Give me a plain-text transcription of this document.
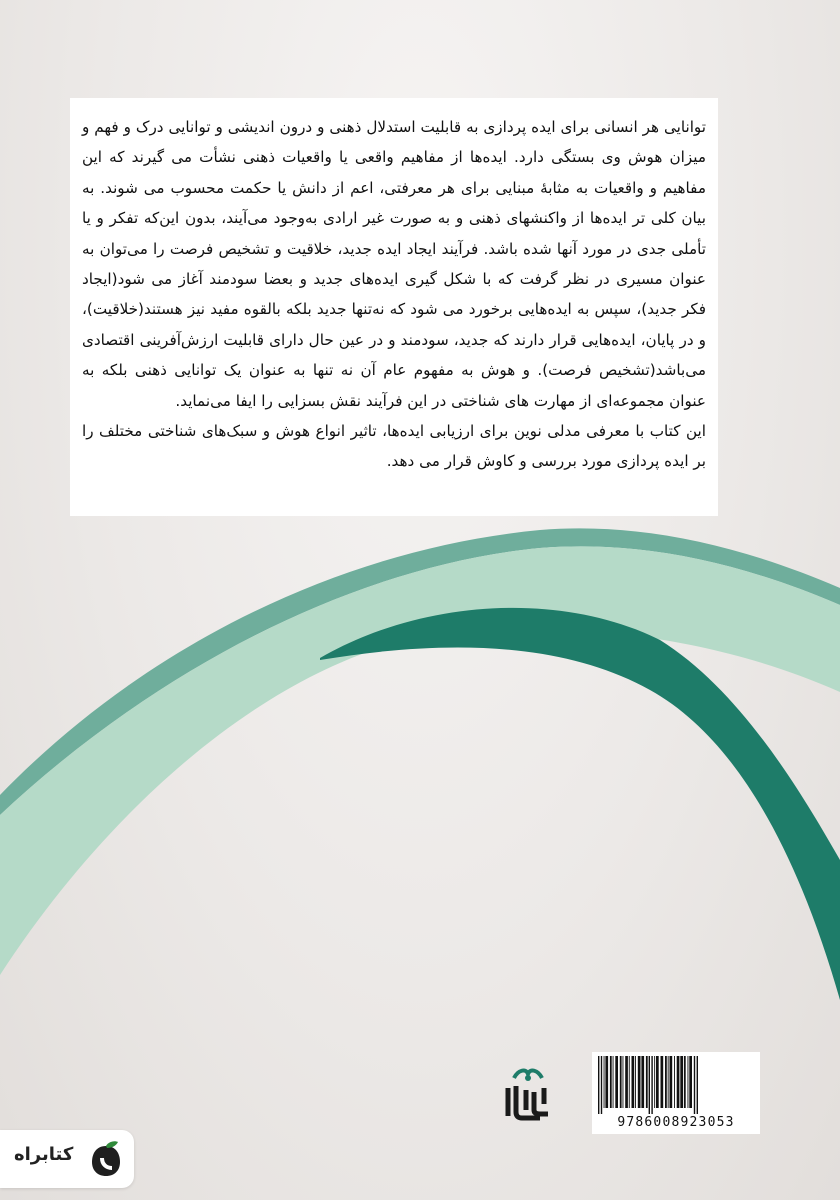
توانایی هر انسانی برای ایده پردازی به قابلیت استدلال ذهنی و درون اندیشی و توانایی درک و فهم و میزان هوش وی بستگی دارد. ایده‌ها از مفاهیم واقعی یا واقعیات ذهنی نشأت می گیرند که این مفاهیم و واقعیات به مثابهٔ مبنایی برای هر معرفتی، اعم از دانش یا حکمت محسوب می شوند. به بیان کلی تر ایده‌ها از واکنشهای ذهنی و به صورت غیر ارادی به‌وجود می‌آیند، بدون این‌که تفکر و یا تأملی جدی در مورد آنها شده باشد. فرآیند ایجاد ایده جدید، خلاقیت و تشخیص فرصت را می‌توان به عنوان مسیری در نظر گرفت که با شکل گیری ایده‌های جدید و بعضا سودمند آغاز می شود(ایجاد فکر جدید)، سپس به ایده‌هایی برخورد می شود که نه‌تنها جدید بلکه بالقوه مفید نیز هستند(خلاقیت)، و در پایان، ایده‌هایی قرار دارند که جدید، سودمند و در عین حال دارای قابلیت ارزش‌آفرینی اقتصادی می‌باشد(تشخیص فرصت). و هوش به مفهوم عام آن نه تنها به عنوان یک توانایی ذهنی بلکه به عنوان مجموعه‌ای از مهارت های شناختی در این فرآیند نقش بسزایی را ایفا می‌نماید.

این کتاب با معرفی مدلی نوین برای ارزیابی ایده‌ها، تاثیر انواع هوش و سبک‌های شناختی مختلف را بر ایده پردازی مورد بررسی و کاوش قرار می دهد.

9786008923053
کتابراه
